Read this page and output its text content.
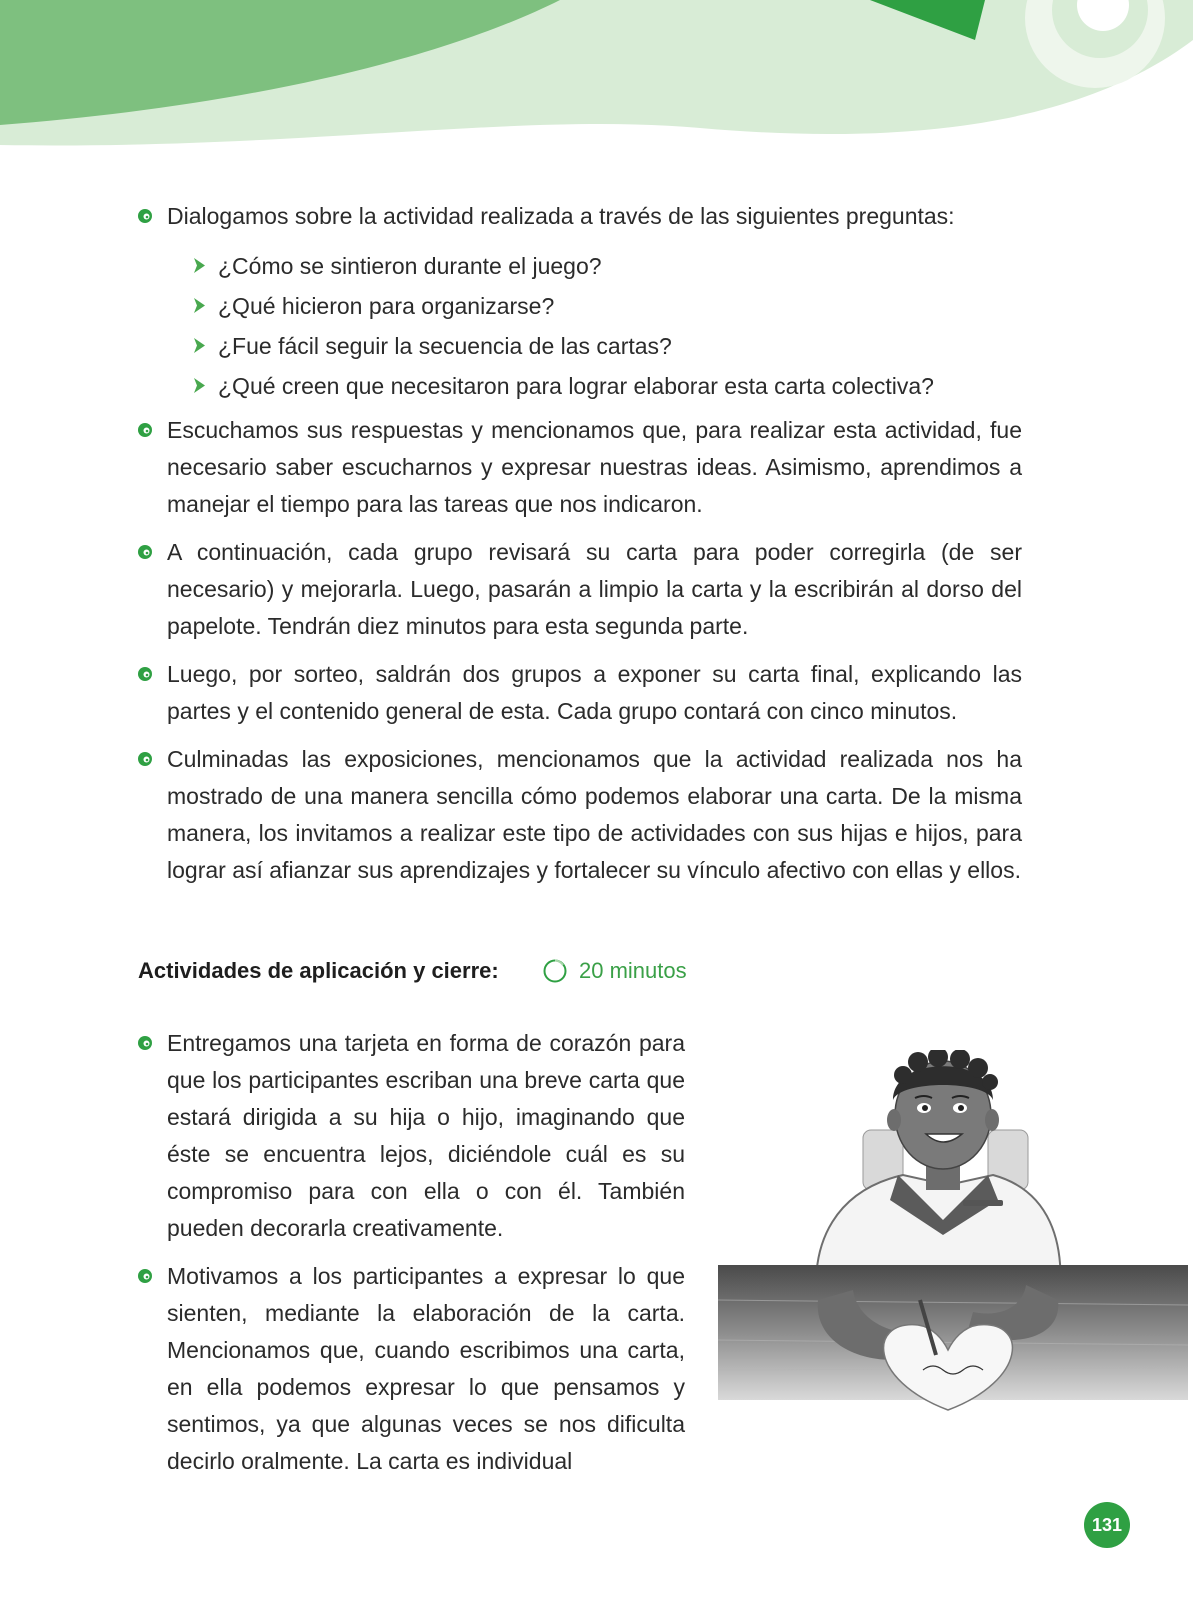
Dialogamos sobre la actividad realizada a través de las siguientes preguntas:
¿Cómo se sintieron durante el juego?
¿Qué hicieron para organizarse?
¿Fue fácil seguir la secuencia de las cartas?
¿Qué creen que necesitaron para lograr elaborar esta carta colectiva?
Escuchamos sus respuestas y mencionamos que, para realizar esta actividad, fue necesario saber escucharnos y expresar nuestras ideas. Asimismo, aprendimos a manejar el tiempo para las tareas que nos indicaron.
A continuación, cada grupo revisará su carta para poder corregirla (de ser necesario) y mejorarla. Luego, pasarán a limpio la carta y la escribirán al dorso del papelote. Tendrán diez minutos para esta segunda parte.
Luego, por sorteo, saldrán dos grupos a exponer su carta final, explicando las partes y el contenido general de esta. Cada grupo contará con cinco minutos.
Culminadas las exposiciones, mencionamos que la actividad realizada nos ha mostrado de una manera sencilla cómo podemos elaborar una carta. De la misma manera, los invitamos a realizar este tipo de actividades con sus hijas e hijos, para lograr así afianzar sus aprendizajes y fortalecer su vínculo afectivo con ellas y ellos.
Actividades de aplicación y cierre:	20 minutos
Entregamos una tarjeta en forma de corazón para que los participantes escriban una breve carta que estará dirigida a su hija o hijo, imaginando que éste se encuentra lejos, diciéndole cuál es su compromiso para con ella o con él. También pueden decorarla creativamente.
Motivamos a los participantes a expresar lo que sienten, mediante la elaboración de la carta. Mencionamos que, cuando escribimos una carta, en ella podemos expresar lo que pensamos y sentimos, ya que algunas veces se nos dificulta decirlo oralmente. La carta es individual
131
